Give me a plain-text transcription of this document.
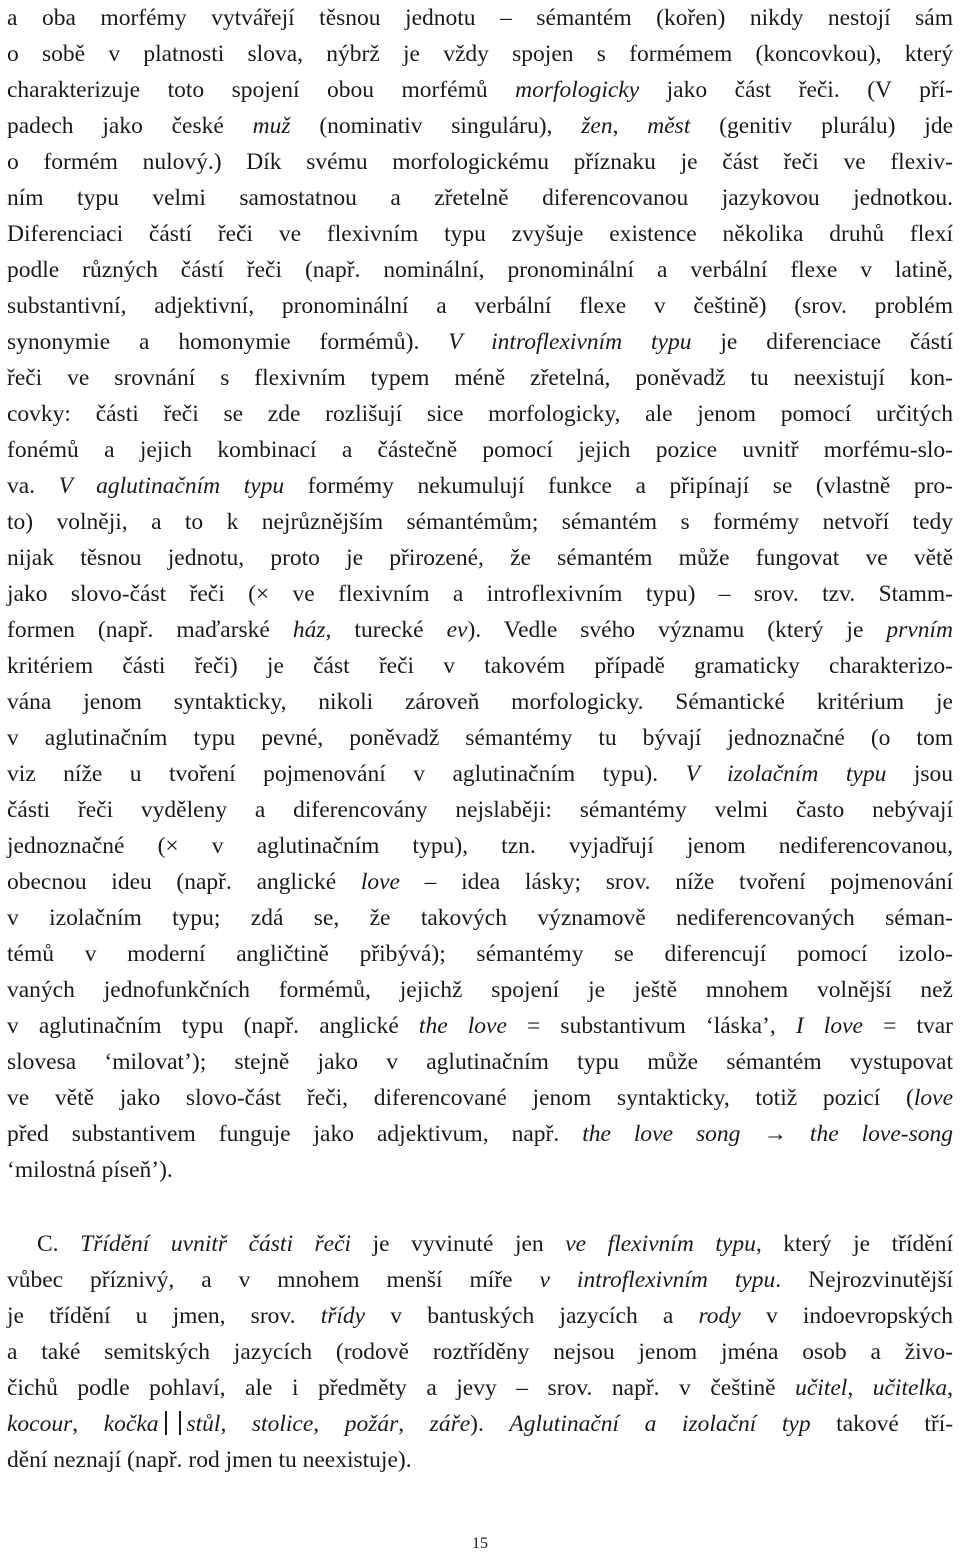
a oba morfémy vytvářejí těsnou jednotu – sémantém (kořen) nikdy nestojí sám
o sobě v platnosti slova, nýbrž je vždy spojen s formémem (koncovkou), který
charakterizuje toto spojení obou morfémů morfologicky jako část řeči. (V pří-
padech jako české muž (nominativ singuláru), žen, měst (genitiv plurálu) jde
o formém nulový.) Dík svému morfologickému příznaku je část řeči ve flexiv-
ním typu velmi samostatnou a zřetelně diferencovanou jazykovou jednotkou.
Diferenciaci částí řeči ve flexivním typu zvyšuje existence několika druhů flexí
podle různých částí řeči (např. nominální, pronominální a verbální flexe v latině,
substantivní, adjektivní, pronominální a verbální flexe v češtině) (srov. problém
synonymie a homonymie formémů). V introflexivním typu je diferenciace částí
řeči ve srovnání s flexivním typem méně zřetelná, poněvadž tu neexistují kon-
covky: části řeči se zde rozlišují sice morfologicky, ale jenom pomocí určitých
fonémů a jejich kombinací a částečně pomocí jejich pozice uvnitř morfému-slo-
va. V aglutinačním typu formémy nekumulují funkce a připínají se (vlastně pro-
to) volněji, a to k nejrůznějším sémantémům; sémantém s formémy netvoří tedy
nijak těsnou jednotu, proto je přirozené, že sémantém může fungovat ve větě
jako slovo-část řeči (× ve flexivním a introflexivním typu) – srov. tzv. Stamm-
formen (např. maďarské ház, turecké ev). Vedle svého významu (který je prvním
kritériem části řeči) je část řeči v takovém případě gramaticky charakterizo-
vána jenom syntakticky, nikoli zároveň morfologicky. Sémantické kritérium je
v aglutinačním typu pevné, poněvadž sémantémy tu bývají jednoznačné (o tom
viz níže u tvoření pojmenování v aglutinačním typu). V izolačním typu jsou
části řeči vyděleny a diferencovány nejslaběji: sémantémy velmi často nebývají
jednoznačné (× v aglutinačním typu), tzn. vyjadřují jenom nediferencovanou,
obecnou ideu (např. anglické love – idea lásky; srov. níže tvoření pojmenování
v izolačním typu; zdá se, že takových významově nediferencovaných séman-
témů v moderní angličtině přibývá); sémantémy se diferencují pomocí izolo-
vaných jednofunkčních formémů, jejichž spojení je ještě mnohem volnější než
v aglutinačním typu (např. anglické the love = substantivum ‘láska’, I love = tvar
slovesa ‘milovat’); stejně jako v aglutinačním typu může sémantém vystupovat
ve větě jako slovo-část řeči, diferencované jenom syntakticky, totiž pozicí (love
před substantivem funguje jako adjektivum, např. the love song → the love-song
‘milostná píseň’).
C. Třídění uvnitř části řeči je vyvinuté jen ve flexivním typu, který je třídění
vůbec příznivý, a v mnohem menší míře v introflexivním typu. Nejrozvinutější
je třídění u jmen, srov. třídy v bantuských jazycích a rody v indoevropských
a také semitských jazycích (rodově roztříděny nejsou jenom jména osob a živo-
čichů podle pohlaví, ale i předměty a jevy – srov. např. v češtině učitel, učitelka,
kocour, kočka stůl, stolice, požár, záře). Aglutinační a izolační typ takové tří-
dění neznají (např. rod jmen tu neexistuje).
15
